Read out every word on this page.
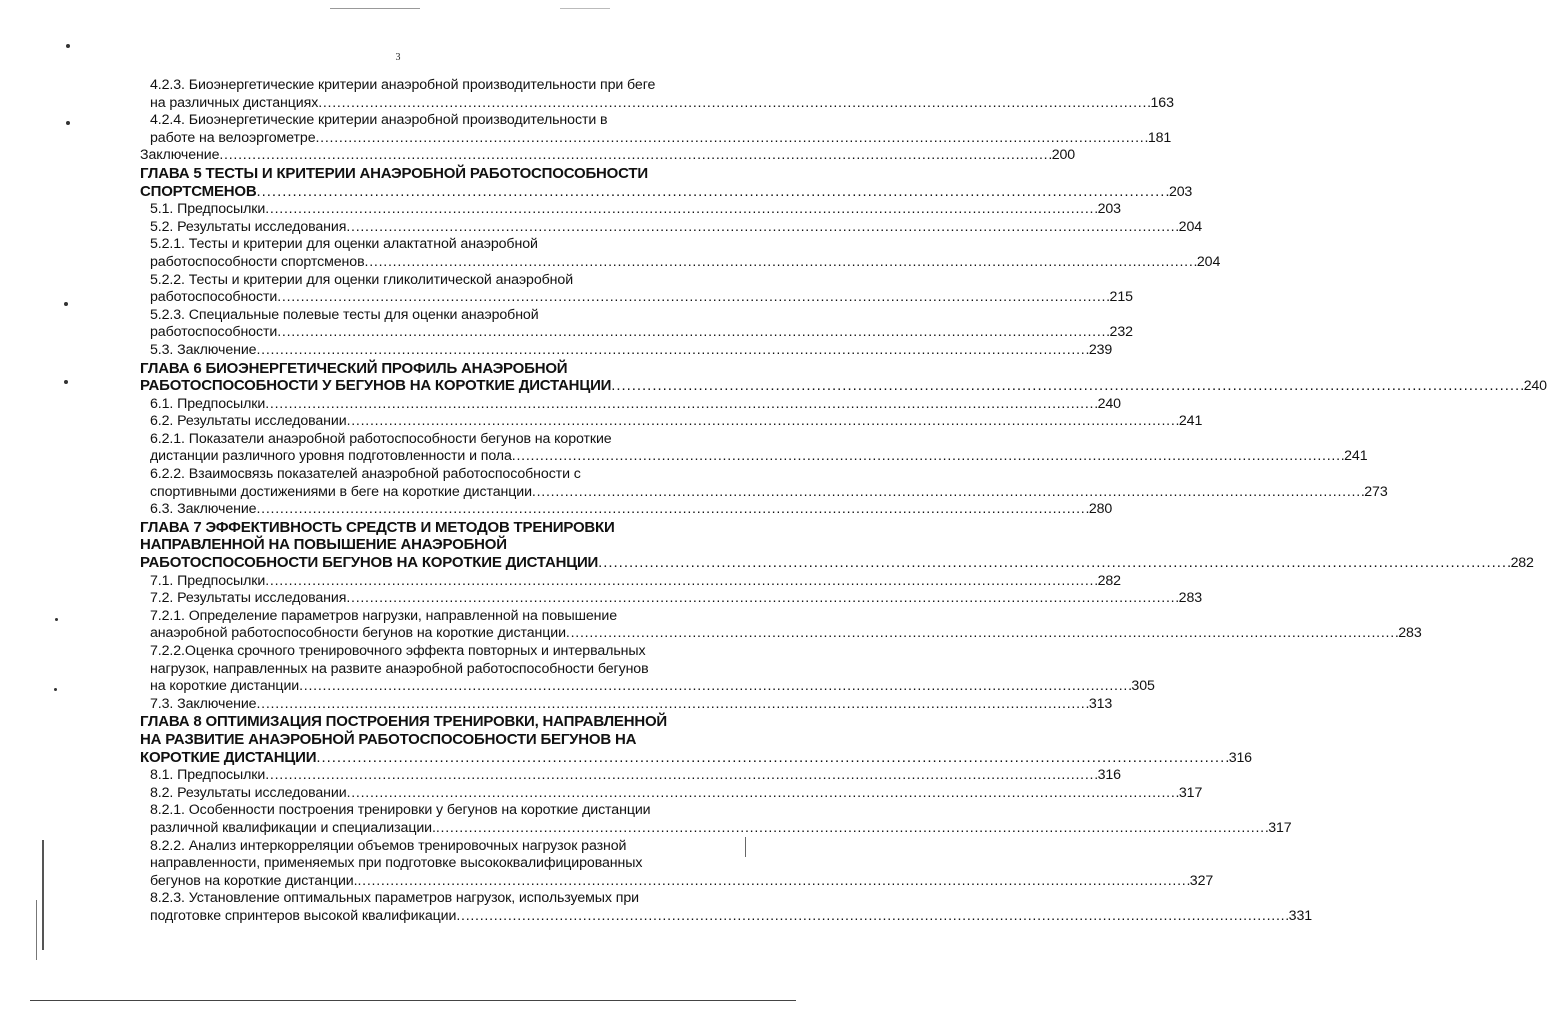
3
4.2.3. Биоэнергетические критерии анаэробной производительности при беге
на различных дистанциях . . .	163
4.2.4. Биоэнергетические критерии анаэробной производительности в
работе на велоэргометре . . .	181
Заключение . . .	200
ГЛАВА 5 ТЕСТЫ И КРИТЕРИИ АНАЭРОБНОЙ РАБОТОСПОСОБНОСТИ
СПОРТСМЕНОВ . . .	203
5.1. Предпосылки . . .	203
5.2. Результаты исследования . . .	204
5.2.1. Тесты и критерии для оценки алактатной анаэробной
работоспособности спортсменов . . .	204
5.2.2. Тесты и критерии для оценки гликолитической анаэробной
работоспособности . . .	215
5.2.3. Специальные полевые тесты для оценки анаэробной
работоспособности . . .	232
5.3. Заключение . . .	239
ГЛАВА 6 БИОЭНЕРГЕТИЧЕСКИЙ ПРОФИЛЬ АНАЭРОБНОЙ
РАБОТОСПОСОБНОСТИ У БЕГУНОВ НА КОРОТКИЕ ДИСТАНЦИИ . . .	240
6.1. Предпосылки . . .	240
6.2. Результаты исследовании . . .	241
6.2.1. Показатели анаэробной работоспособности бегунов на короткие
дистанции различного уровня подготовленности и пола . . .	241
6.2.2. Взаимосвязь показателей анаэробной работоспособности с
спортивными достижениями в беге на короткие дистанции . . .	273
6.3. Заключение . . .	280
ГЛАВА 7 ЭФФЕКТИВНОСТЬ СРЕДСТВ И МЕТОДОВ ТРЕНИРОВКИ
НАПРАВЛЕННОЙ НА ПОВЫШЕНИЕ АНАЭРОБНОЙ
РАБОТОСПОСОБНОСТИ БЕГУНОВ НА КОРОТКИЕ ДИСТАНЦИИ . . .	282
7.1. Предпосылки . . .	282
7.2. Результаты исследования . . .	283
7.2.1. Определение параметров нагрузки, направленной на повышение
анаэробной работоспособности бегунов на короткие дистанции . . .	283
7.2.2.Оценка срочного тренировочного эффекта повторных и интервальных
нагрузок, направленных на развите анаэробной работоспособности бегунов
на короткие дистанции . . .	305
7.3. Заключение . . .	313
ГЛАВА 8 ОПТИМИЗАЦИЯ ПОСТРОЕНИЯ ТРЕНИРОВКИ, НАПРАВЛЕННОЙ
НА РАЗВИТИЕ АНАЭРОБНОЙ РАБОТОСПОСОБНОСТИ БЕГУНОВ НА
КОРОТКИЕ ДИСТАНЦИИ . . .	316
8.1. Предпосылки . . .	316
8.2. Результаты исследовании . . .	317
8.2.1. Особенности построения тренировки у бегунов на короткие дистанции
различной квалификации и специализации. . . .	317
8.2.2. Анализ интеркорреляции объемов тренировочных нагрузок разной
направленности, применяемых при подготовке высококвалифицированных
бегунов на короткие дистанции. . . .	327
8.2.3. Установление оптимальных параметров нагрузок, используемых при
подготовке спринтеров высокой квалификации . . .	331
